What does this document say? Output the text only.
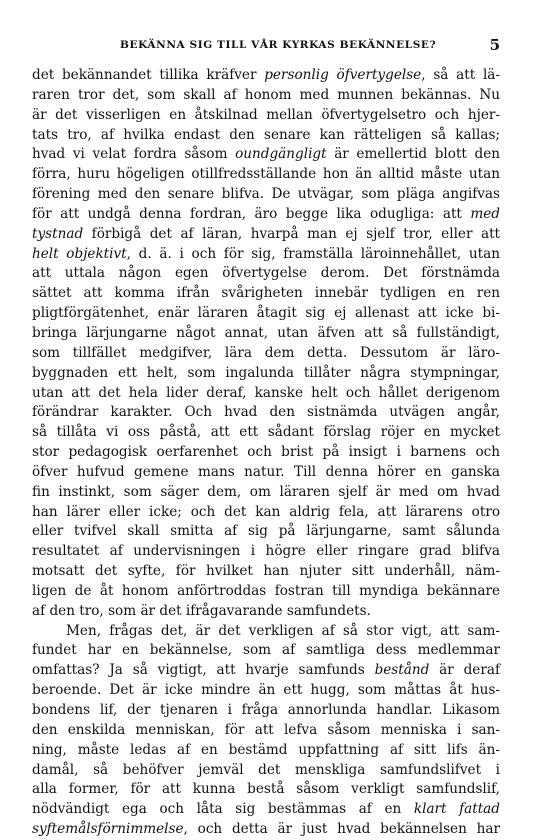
BEKÄNNA SIG TILL VÅR KYRKAS BEKÄNNELSE?	5
det bekännandet tillika kräfver personlig öfvertygelse, så att lä-
raren tror det, som skall af honom med munnen bekännas. Nu
är det visserligen en åtskilnad mellan öfvertygelsetro och hjer-
tats tro, af hvilka endast den senare kan rätteligen så kallas;
hvad vi velat fordra såsom oundgängligt är emellertid blott den
förra, huru högeligen otillfredsställande hon än alltid måste utan
förening med den senare blifva. De utvägar, som pläga angifvas
för att undgå denna fordran, äro begge lika odugliga: att med
tystnad förbigå det af läran, hvarpå man ej sjelf tror, eller att
helt objektivt, d. ä. i och för sig, framställa läroinnehållet, utan
att uttala någon egen öfvertygelse derom. Det förstnämda
sättet att komma ifrån svårigheten innebär tydligen en ren
pligtförgätenhet, enär läraren åtagit sig ej allenast att icke bi-
bringa lärjungarne något annat, utan äfven att så fullständigt,
som tillfället medgifver, lära dem detta. Dessutom är läro-
byggnaden ett helt, som ingalunda tillåter några stympningar,
utan att det hela lider deraf, kanske helt och hållet derigenom
förändrar karakter. Och hvad den sistnämda utvägen angår,
så tillåta vi oss påstå, att ett sådant förslag röjer en mycket
stor pedagogisk oerfarenhet och brist på insigt i barnens och
öfver hufvud gemene mans natur. Till denna hörer en ganska
fin instinkt, som säger dem, om läraren sjelf är med om hvad
han lärer eller icke; och det kan aldrig fela, att lärarens otro
eller tvifvel skall smitta af sig på lärjungarne, samt sålunda
resultatet af undervisningen i högre eller ringare grad blifva
motsatt det syfte, för hvilket han njuter sitt underhåll, näm-
ligen de åt honom anförtroddas fostran till myndiga bekännare
af den tro, som är det ifrågavarande samfundets.
Men, frågas det, är det verkligen af så stor vigt, att sam-
fundet har en bekännelse, som af samtliga dess medlemmar
omfattas? Ja så vigtigt, att hvarje samfunds bestånd är deraf
beroende. Det är icke mindre än ett hugg, som måttas åt hus-
bondens lif, der tjenaren i fråga annorlunda handlar. Likasom
den enskilda menniskan, för att lefva såsom menniska i san-
ning, måste ledas af en bestämd uppfattning af sitt lifs än-
damål, så behöfver jemväl det menskliga samfundslifvet i
alla former, för att kunna bestå såsom verkligt samfundslif,
nödvändigt ega och låta sig bestämmas af en klart fattad
syftemålsförnimmelse, och detta är just hvad bekännelsen har
